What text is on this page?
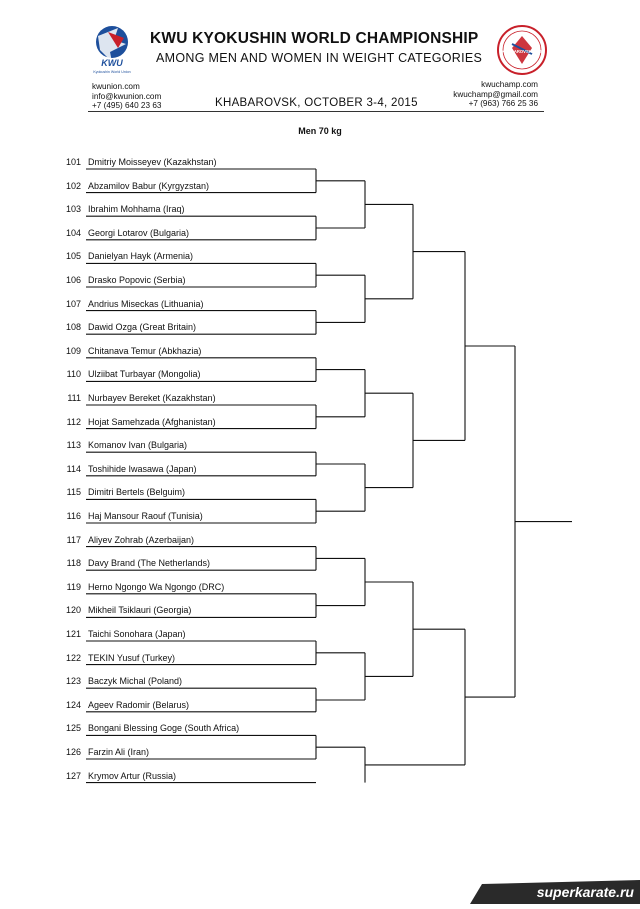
KWU
Kyokushin World Union
KWU KYOKUSHIN WORLD CHAMPIONSHIP
AMONG MEN AND WOMEN IN WEIGHT CATEGORIES	KHABAROVSK 2015
kwunion.com
info@kwunion.com
+7 (495) 640 23 63
kwuchamp.com
kwuchamp@gmail.com
+7 (963) 766 25 36
KHABAROVSK, OCTOBER 3-4, 2015
Men 70 kg
101 Dmitriy Moisseyev (Kazakhstan)
102 Abzamilov Babur (Kyrgyzstan)
103 Ibrahim Mohhama (Iraq)
104 Georgi Lotarov (Bulgaria)
105 Danielyan Hayk (Armenia)
106 Drasko Popovic (Serbia)
107 Andrius Miseckas (Lithuania)
108 Dawid Ozga (Great Britain)
109 Chitanava Temur (Abkhazia)
110 Ulziibat Turbayar (Mongolia)
111 Nurbayev Bereket (Kazakhstan)
112 Hojat Samehzada (Afghanistan)
113 Komanov Ivan (Bulgaria)
114 Toshihide Iwasawa (Japan)
115 Dimitri Bertels (Belguim)
116 Haj Mansour Raouf (Tunisia)
117 Aliyev Zohrab (Azerbaijan)
118 Davy Brand (The Netherlands)
119 Herno Ngongo Wa Ngongo (DRC)
120 Mikheil Tsiklauri (Georgia)
121 Taichi Sonohara (Japan)
122 TEKIN Yusuf (Turkey)
123 Baczyk Michal (Poland)
124 Ageev Radomir (Belarus)
125 Bongani Blessing Goge (South Africa)
126 Farzin Ali (Iran)
127 Krymov Artur (Russia)
superkarate.ru
